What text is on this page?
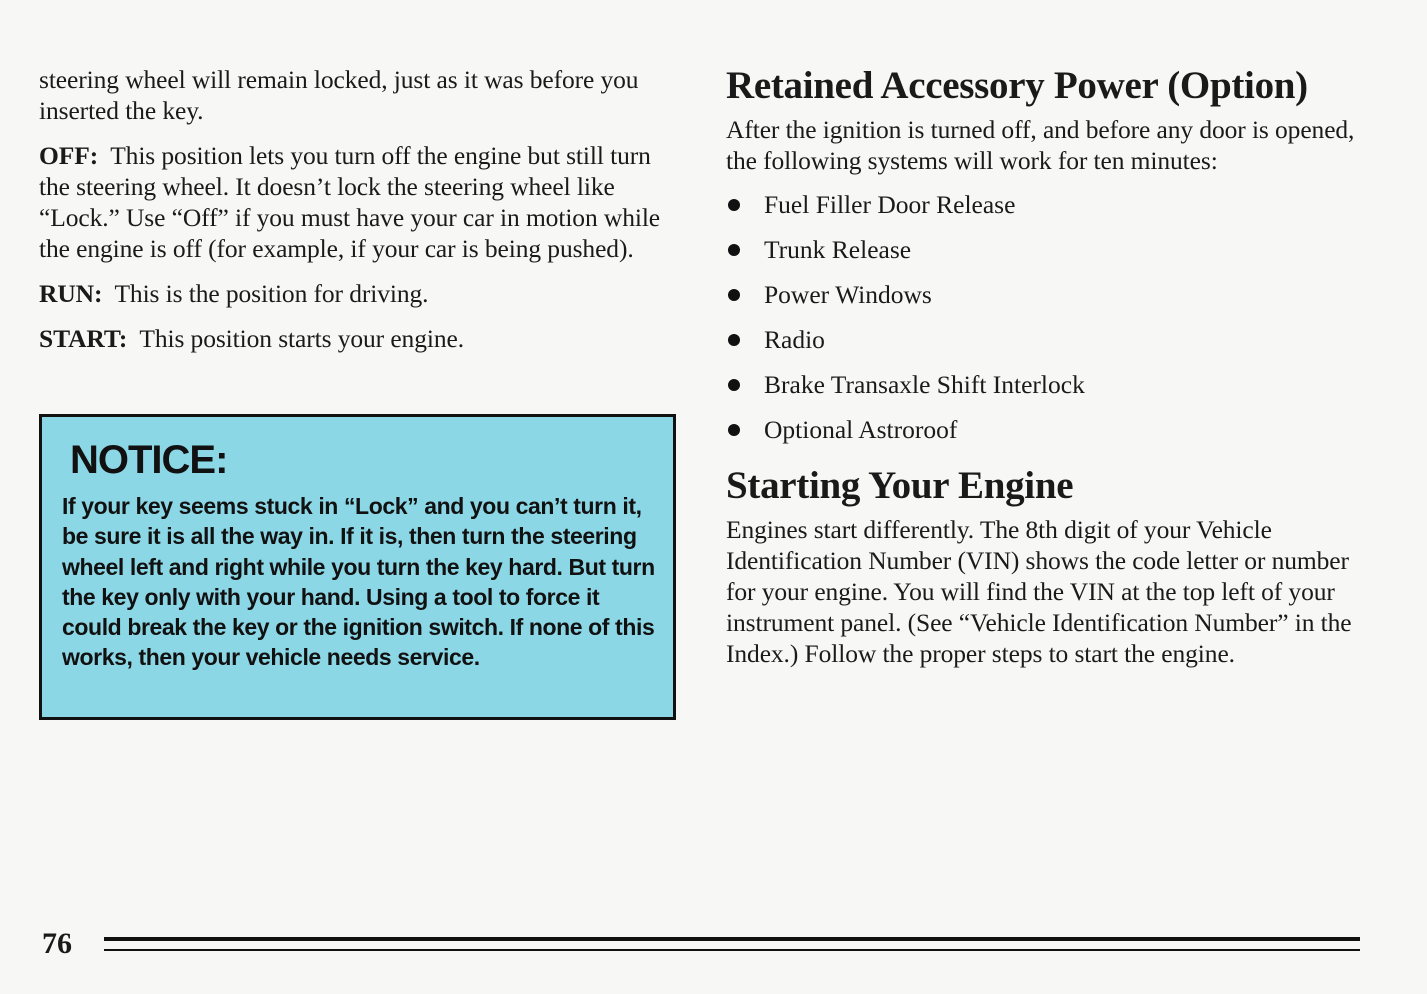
steering wheel will remain locked, just as it was before you inserted the key.

OFF: This position lets you turn off the engine but still turn the steering wheel. It doesn’t lock the steering wheel like “Lock.” Use “Off” if you must have your car in motion while the engine is off (for example, if your car is being pushed).

RUN: This is the position for driving.

START: This position starts your engine.

NOTICE:

If your key seems stuck in “Lock” and you can’t turn it, be sure it is all the way in. If it is, then turn the steering wheel left and right while you turn the key hard. But turn the key only with your hand. Using a tool to force it could break the key or the ignition switch. If none of this works, then your vehicle needs service.

Retained Accessory Power (Option)

After the ignition is turned off, and before any door is opened, the following systems will work for ten minutes:

Fuel Filler Door Release
Trunk Release
Power Windows
Radio
Brake Transaxle Shift Interlock
Optional Astroroof
Starting Your Engine

Engines start differently. The 8th digit of your Vehicle Identification Number (VIN) shows the code letter or number for your engine. You will find the VIN at the top left of your instrument panel. (See “Vehicle Identification Number” in the Index.) Follow the proper steps to start the engine.

76
